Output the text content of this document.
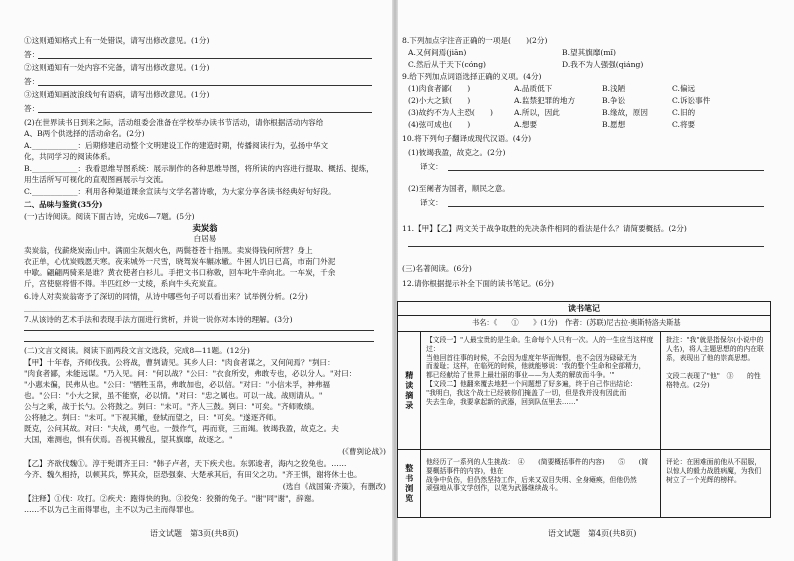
①这则通知格式上有一处错误，请写出修改意见。(1分)
答：
②这则通知有一处内容不完备，请写出修改意见。(1分)
答：
③这则通知画波浪线句有语病，请写出修改意见。(1分)
答：
(2)在世界读书日到来之际，活动组委会准备在学校举办读书节活动，请你根据活动内容给
A、B两个供选择的活动命名。(2分)
A.____________：后期修建启动整个文明建设工作的建造时期，传播阅读行为，弘扬中华文
化，共同学习的阅读体系。
B.____________：我看思维导图系统：展示制作的各种思维导图，将所读的内容进行提取、概括、提炼，
用生活所写可视化的直观图画展示与交流。
C.____________：利用各种渠道课余宣读与文学名著诗歌，为大家分享各读书经典好句好段。
二、品味与鉴赏(35分)
(一)古诗阅读。阅读下面古诗，完成6—7题。(5分)
卖炭翁
白居易
卖炭翁，伐薪烧炭南山中。满面尘灰烟火色，两鬓苍苍十指黑。卖炭得钱何所营？身上
衣正单，心忧炭贱愿天寒。夜来城外一尺雪，晓驾炭车辗冰辙。牛困人饥日已高，市南门外泥
中歇。翩翩两骑来是谁？黄衣使者白衫儿。手把文书口称敕，回车叱牛牵向北。一车炭，千余
斤，宫使驱将惜不得。半匹红纱一丈绫，系向牛头充炭直。
6.诗人对卖炭翁寄予了深切的同情，从诗中哪些句子可以看出来？试举例分析。(2分)
__________________________________
7.从该诗的艺术手法和表现手法方面进行赏析，并说一说你对本诗的理解。(3分)
(二)文言文阅读。阅读下面两段文言文选段，完成8—11题。(12分)
【甲】十年春，齐师伐我。公将战，曹刿请见。其乡人曰："肉食者谋之，又何间焉？"刿曰：
"肉食者鄙，未能远谋。"乃入见。问："何以战？"公曰："衣食所安，弗敢专也，必以分人。"对曰：
"小惠未徧，民弗从也。"公曰："牺牲玉帛，弗敢加也，必以信。"对曰："小信未孚，神弗福
也。"公曰："小大之狱，虽不能察，必以情。"对曰："忠之属也。可以一战。战则请从。"
公与之乘，战于长勺。公将鼓之。刿曰："未可。"齐人三鼓。刿曰："可矣。"齐师败绩。
公将驰之。刿曰："未可。"下视其辙，登轼而望之，曰："可矣。"遂逐齐师。
既克，公问其故。对曰："夫战，勇气也。一鼓作气，再而衰，三而竭。彼竭我盈，故克之。夫
大国，难测也，惧有伏焉。吾视其辙乱，望其旗靡，故逐之。"
(《曹刿论战》)
【乙】齐欲伐魏①。淳于髡谓齐王曰："韩子卢者，天下疾犬也。东郭逡者，海内之狡兔也。……
今齐、魏久相持，以顿其兵，弊其众，臣恐强秦、大楚承其后，有田父之功。"齐王惧，谢将休士也。
(选自《战国策·齐策》，有删改)
【注释】①伐：攻打。②疾犬：跑得快的狗。③狡兔：狡猾的兔子。"谢"同"谢"，辞谢。
……不以为己主而得罪也，主不以为己主而得罪也。
语文试题　第3页(共8页)
8.下列加点字注音正确的一项是(　　)(2分)
A.又何间焉(jiān)	B.望其旗靡(mǐ)
C.然后从于天下(cóng)	D.我不为人强强(qiáng)
9.给下列加点词语选择正确的义项。(4分)
(1)肉食者鄙(　　)	A.品质低下	B.浅陋	C.偏远
(2)小大之狱(　　)	A.监禁犯罪的地方	B.争讼	C.诉讼事件
(3)故约不为人主恐(　　)	A.所以，因此	B.缘故，原因	C.旧的
(4)弦可成也(　　)	A.想要	B.愿想	C.将要
10.将下列句子翻译成现代汉语。(4分)
(1)彼竭我盈，故克之。(2分)
译文：
(2)至阑者为国者，顺民之意。
译文：
11.【甲】【乙】两文关于战争取胜的先决条件相同的看法是什么？请简要概括。(2分)
(三)名著阅读。(6分)
12.请你根据提示补全下面的读书笔记。(6分)
读书笔记
书名：《　　①　　》(1分)　作者：(苏联)尼古拉·奥斯特洛夫斯基
精读摘录
【文段一】"人最宝贵的是生命。生命每个人只有一次。人的一生应当这样度过：
当他回首往事的时候，不会因为虚度年华而悔恨，也不会因为碌碌无为
而羞耻；这样，在临死的时候，他就能够说：'我的整个生命和全部精力，
都已经献给了世界上最壮丽的事业——为人类的解放而斗争。'"
【文段二】他翻来覆去地把一个问题想了好多遍，终于自己作出结论：
"我明白，我这个战士已经被你们掩盖了一切，但是我并没有因此而
失去生命，我要拿起新的武器，回到队伍里去……"
批注："我"就是指保尔(小说中的人名)，将人主题思想的的内在联系，表现出了他的崇高思想。
文段二表现了"他"　③　　的性格特点。(2分)
整书浏览
他经历了一系列的人生挑战：　④　　(简要概括事件的内容)　　⑤　　(简要概括事件的内容)，他在
战争中负伤，但仍然坚持工作，后来又双目失明、全身瘫痪，但他仍然
顽强地从事文学创作，以笔为武器继续战斗。
评论：在困难面前他从不屈服，以惊人的毅力战胜病魔，为我们树立了一个光辉的榜样。
语文试题　第4页(共8页)
